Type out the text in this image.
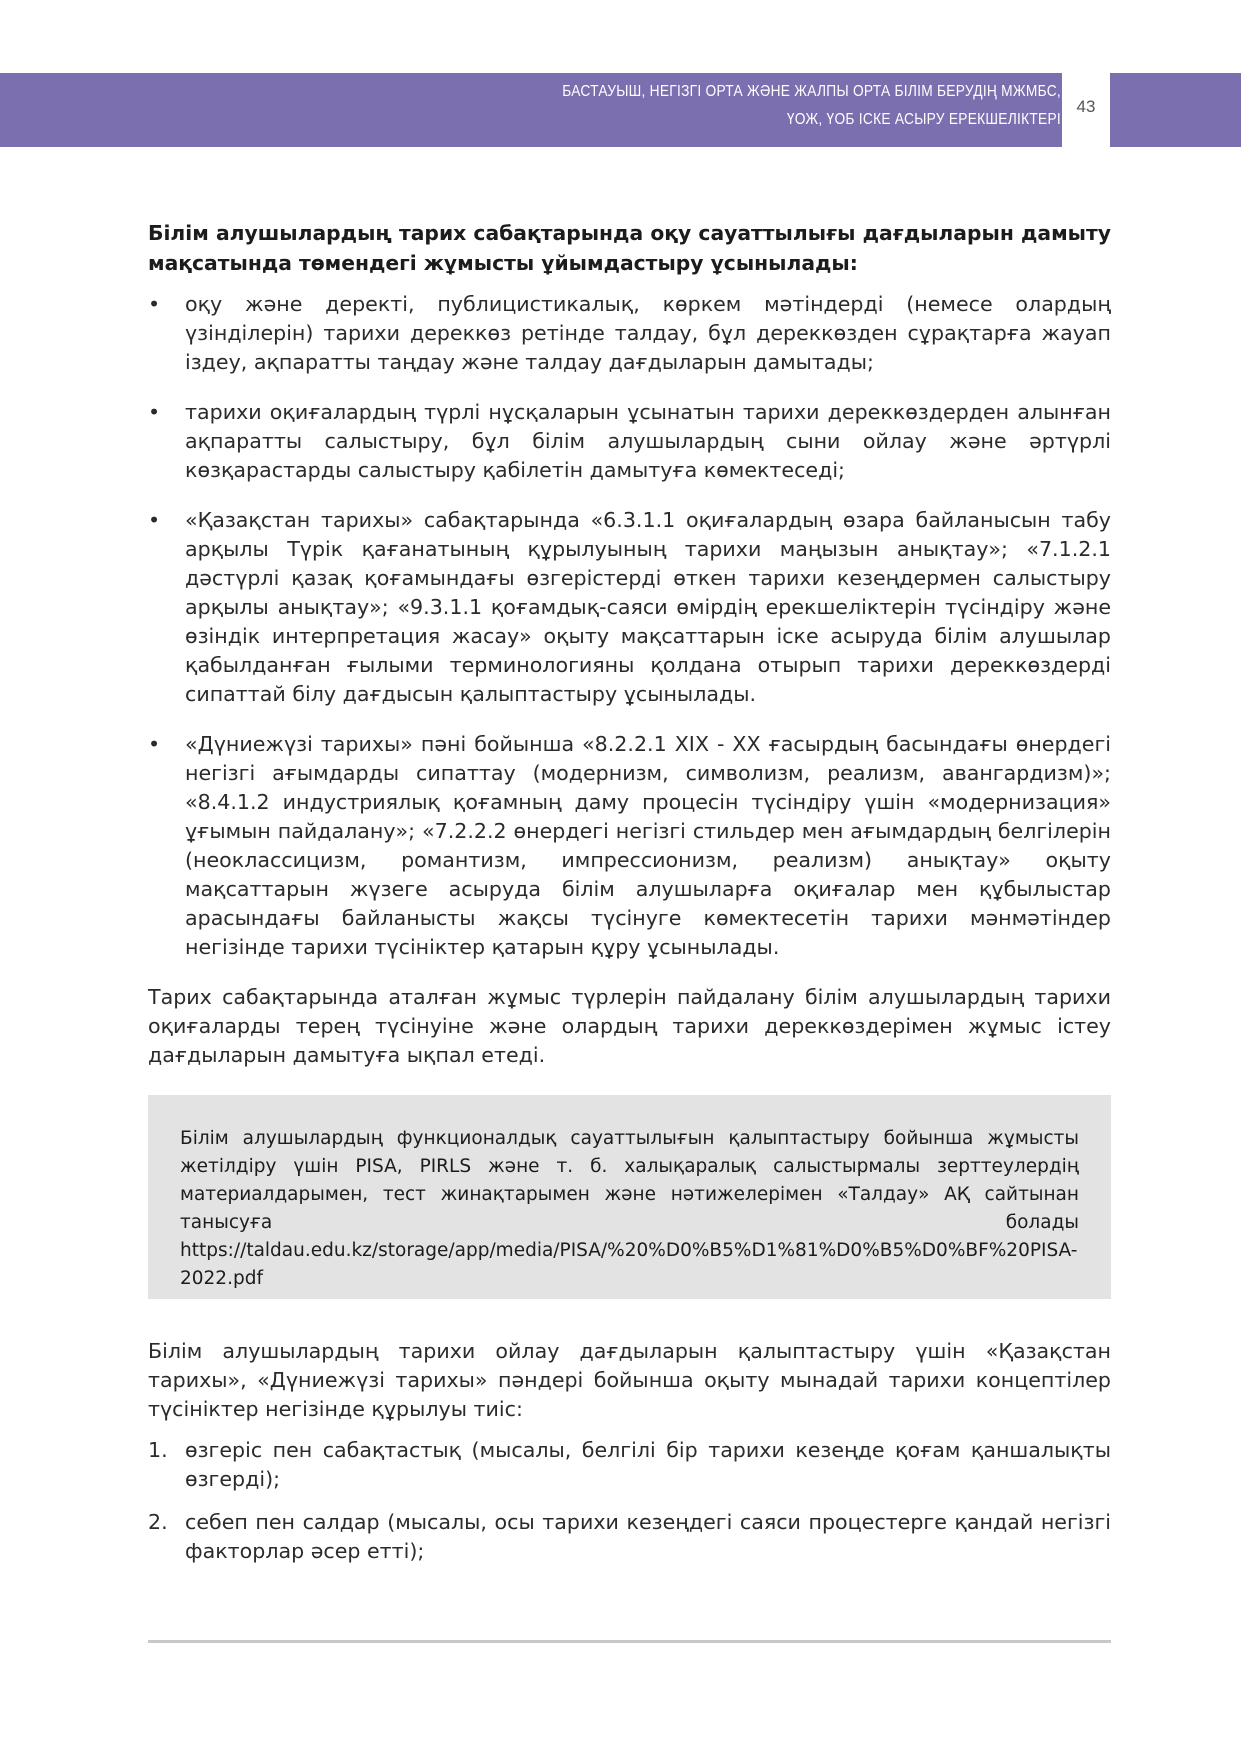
БАСТАУЫШ, НЕГІЗГІ ОРТА ЖӘНЕ ЖАЛПЫ ОРТА БІЛІМ БЕРУДІҢ МЖМБС,
ҮОЖ, ҮОБ ІСКЕ АСЫРУ ЕРЕКШЕЛІКТЕРІ
43

Білім алушылардың тарих сабақтарында оқу сауаттылығы дағдыларын дамыту мақсатында төмендегі жұмысты ұйымдастыру ұсынылады:

• оқу және деректі, публицистикалық, көркем мәтіндерді (немесе олардың үзінділерін) тарихи дереккөз ретінде талдау, бұл дереккөзден сұрақтарға жауап іздеу, ақпаратты таңдау және талдау дағдыларын дамытады;
• тарихи оқиғалардың түрлі нұсқаларын ұсынатын тарихи дереккөздерден алынған ақпаратты салыстыру, бұл білім алушылардың сыни ойлау және әртүрлі көзқарастарды салыстыру қабілетін дамытуға көмектеседі;
• «Қазақстан тарихы» сабақтарында «6.3.1.1 оқиғалардың өзара байланысын табу арқылы Түрік қағанатының құрылуының тарихи маңызын анықтау»; «7.1.2.1 дәстүрлі қазақ қоғамындағы өзгерістерді өткен тарихи кезеңдермен салыстыру арқылы анықтау»; «9.3.1.1 қоғамдық-саяси өмірдің ерекшеліктерін түсіндіру және өзіндік интерпретация жасау» оқыту мақсаттарын іске асыруда білім алушылар қабылданған ғылыми терминологияны қолдана отырып тарихи дереккөздерді сипаттай білу дағдысын қалыптастыру ұсынылады.
• «Дүниежүзі тарихы» пәні бойынша «8.2.2.1 XIX - XX ғасырдың басындағы өнердегі негізгі ағымдарды сипаттау (модернизм, символизм, реализм, авангардизм)»; «8.4.1.2 индустриялық қоғамның даму процесін түсіндіру үшін «модернизация» ұғымын пайдалану»; «7.2.2.2 өнердегі негізгі стильдер мен ағымдардың белгілерін (неоклассицизм, романтизм, импрессионизм, реализм) анықтау» оқыту мақсаттарын жүзеге асыруда білім алушыларға оқиғалар мен құбылыстар арасындағы байланысты жақсы түсінуге көмектесетін тарихи мәнмәтіндер негізінде тарихи түсініктер қатарын құру ұсынылады.

Тарих сабақтарында аталған жұмыс түрлерін пайдалану білім алушылардың тарихи оқиғаларды терең түсінуіне және олардың тарихи дереккөздерімен жұмыс істеу дағдыларын дамытуға ықпал етеді.

Білім алушылардың функционалдық сауаттылығын қалыптастыру бойынша жұмысты жетілдіру үшін PISA, PIRLS және т. б. халықаралық салыстырмалы зерттеулердің материалдарымен, тест жинақтарымен және нәтижелерімен «Талдау» АҚ сайтынан танысуға болады https://taldau.edu.kz/storage/app/media/PISA/%20%D0%B5%D1%81%D0%B5%D0%BF%20PISA-2022.pdf

Білім алушылардың тарихи ойлау дағдыларын қалыптастыру үшін «Қазақстан тарихы», «Дүниежүзі тарихы» пәндері бойынша оқыту мынадай тарихи концептілер түсініктер негізінде құрылуы тиіс:

1. өзгеріс пен сабақтастық (мысалы, белгілі бір тарихи кезеңде қоғам қаншалықты өзгерді);
2. себеп пен салдар (мысалы, осы тарихи кезеңдегі саяси процестерге қандай негізгі факторлар әсер етті);
